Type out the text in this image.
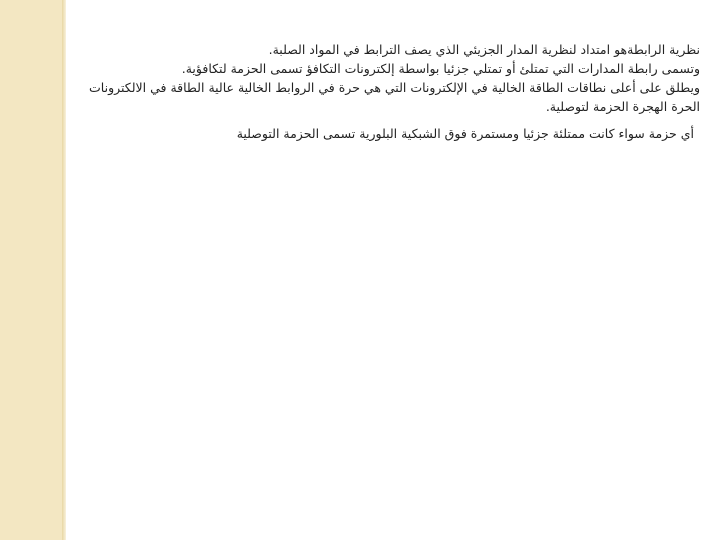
نظرية الرابطةهو امتداد لنظرية المدار الجزيئي الذي يصف الترابط في المواد الصلبة.

وتسمى رابطة المدارات التي تمتلئ أو تمتلي جزئيا بواسطة إلكترونات التكافؤ تسمى الحزمة لتكافؤية.

ويطلق على أعلى نطاقات الطاقة الخالية في الإلكترونات التي هي حرة في الروابط الخالية عالية الطاقة في الالكترونات الحرة الهجرة الحزمة لتوصلية.

أي حزمة سواء كانت ممتلئة جزئيا ومستمرة فوق الشبكية البلورية تسمى الحزمة التوصلية
